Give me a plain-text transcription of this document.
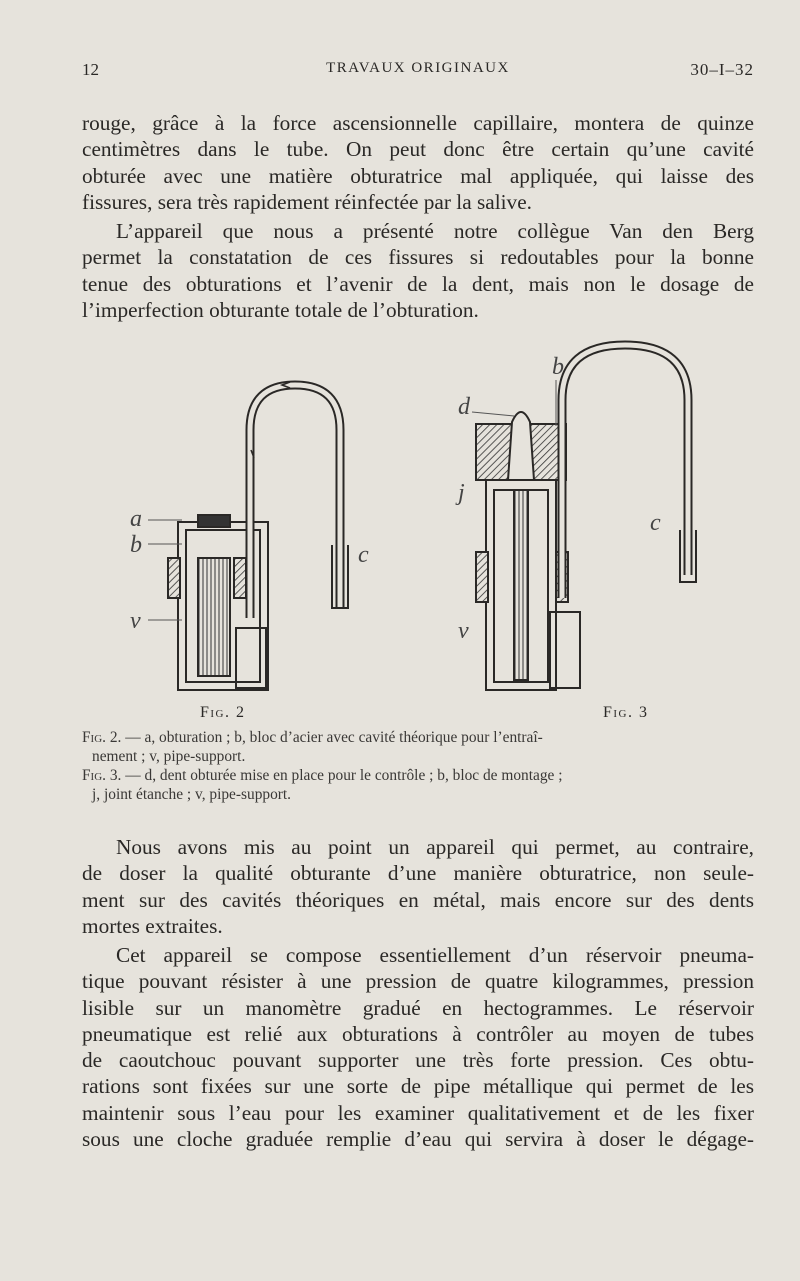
12	TRAVAUX ORIGINAUX	30–I–32
rouge, grâce à la force ascensionnelle capillaire, montera de quinze
centimètres dans le tube. On peut donc être certain qu’une cavité
obturée avec une matière obturatrice mal appliquée, qui laisse des
fissures, sera très rapidement réinfectée par la salive.
L’appareil que nous a présenté notre collègue Van den Berg
permet la constatation de ces fissures si redoutables pour la bonne
tenue des obturations et l’avenir de la dent, mais non le dosage de
l’imperfection obturante totale de l’obturation.
a
b
v
c
d
b
j
c
v
Fig. 2	Fig. 3
Fig. 2. — a, obturation ; b, bloc d’acier avec cavité théorique pour l’entraî-
nement ; v, pipe-support.
Fig. 3. — d, dent obturée mise en place pour le contrôle ; b, bloc de montage ;
j, joint étanche ; v, pipe-support.
Nous avons mis au point un appareil qui permet, au contraire,
de doser la qualité obturante d’une manière obturatrice, non seule-
ment sur des cavités théoriques en métal, mais encore sur des dents
mortes extraites.
Cet appareil se compose essentiellement d’un réservoir pneuma-
tique pouvant résister à une pression de quatre kilogrammes, pression
lisible sur un manomètre gradué en hectogrammes. Le réservoir
pneumatique est relié aux obturations à contrôler au moyen de tubes
de caoutchouc pouvant supporter une très forte pression. Ces obtu-
rations sont fixées sur une sorte de pipe métallique qui permet de les
maintenir sous l’eau pour les examiner qualitativement et de les fixer
sous une cloche graduée remplie d’eau qui servira à doser le dégage-
